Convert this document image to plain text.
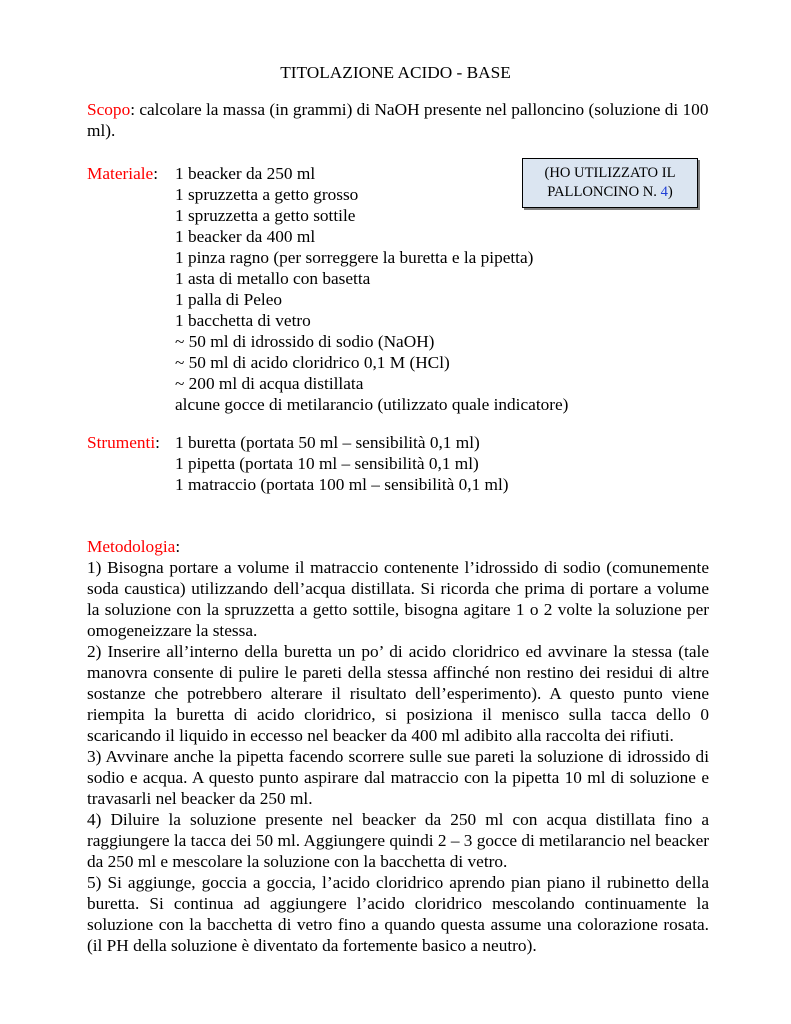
TITOLAZIONE ACIDO - BASE
Scopo: calcolare la massa (in grammi) di NaOH presente nel palloncino (soluzione di 100 ml).
Materiale: 1 beacker da 250 ml
1 spruzzetta a getto grosso
1 spruzzetta a getto sottile
1 beacker da 400 ml
1 pinza ragno (per sorreggere la buretta e la pipetta)
1 asta di metallo con basetta
1 palla di Peleo
1 bacchetta di vetro
~ 50 ml di idrossido di sodio (NaOH)
~ 50 ml di acido cloridrico 0,1 M (HCl)
~ 200 ml di acqua distillata
alcune gocce di metilarancio (utilizzato quale indicatore)
(HO UTILIZZATO IL
PALLONCINO N. 4)
Strumenti: 1 buretta (portata 50 ml – sensibilità 0,1 ml)
1 pipetta (portata 10 ml – sensibilità 0,1 ml)
1 matraccio (portata 100 ml – sensibilità 0,1 ml)
Metodologia:
1) Bisogna portare a volume il matraccio contenente l’idrossido di sodio (comunemente soda caustica) utilizzando dell’acqua distillata. Si ricorda che prima di portare a volume la soluzione con la spruzzetta a getto sottile, bisogna agitare 1 o 2 volte la soluzione per omogeneizzare la stessa.
2) Inserire all’interno della buretta un po’ di acido cloridrico ed avvinare la stessa (tale manovra consente di pulire le pareti della stessa affinché non restino dei residui di altre sostanze che potrebbero alterare il risultato dell’esperimento). A questo punto viene riempita la buretta di acido cloridrico, si posiziona il menisco sulla tacca dello 0 scaricando il liquido in eccesso nel beacker da 400 ml adibito alla raccolta dei rifiuti.
3) Avvinare anche la pipetta facendo scorrere sulle sue pareti la soluzione di idrossido di sodio e acqua. A questo punto aspirare dal matraccio con la pipetta 10 ml di soluzione e travasarli nel beacker da 250 ml.
4) Diluire la soluzione presente nel beacker da 250 ml con acqua distillata fino a raggiungere la tacca dei 50 ml. Aggiungere quindi 2 – 3 gocce di metilarancio nel beacker da 250 ml e mescolare la soluzione con la bacchetta di vetro.
5) Si aggiunge, goccia a goccia, l’acido cloridrico aprendo pian piano il rubinetto della buretta. Si continua ad aggiungere l’acido cloridrico mescolando continuamente la soluzione con la bacchetta di vetro fino a quando questa assume una colorazione rosata. (il PH della soluzione è diventato da fortemente basico a neutro).
